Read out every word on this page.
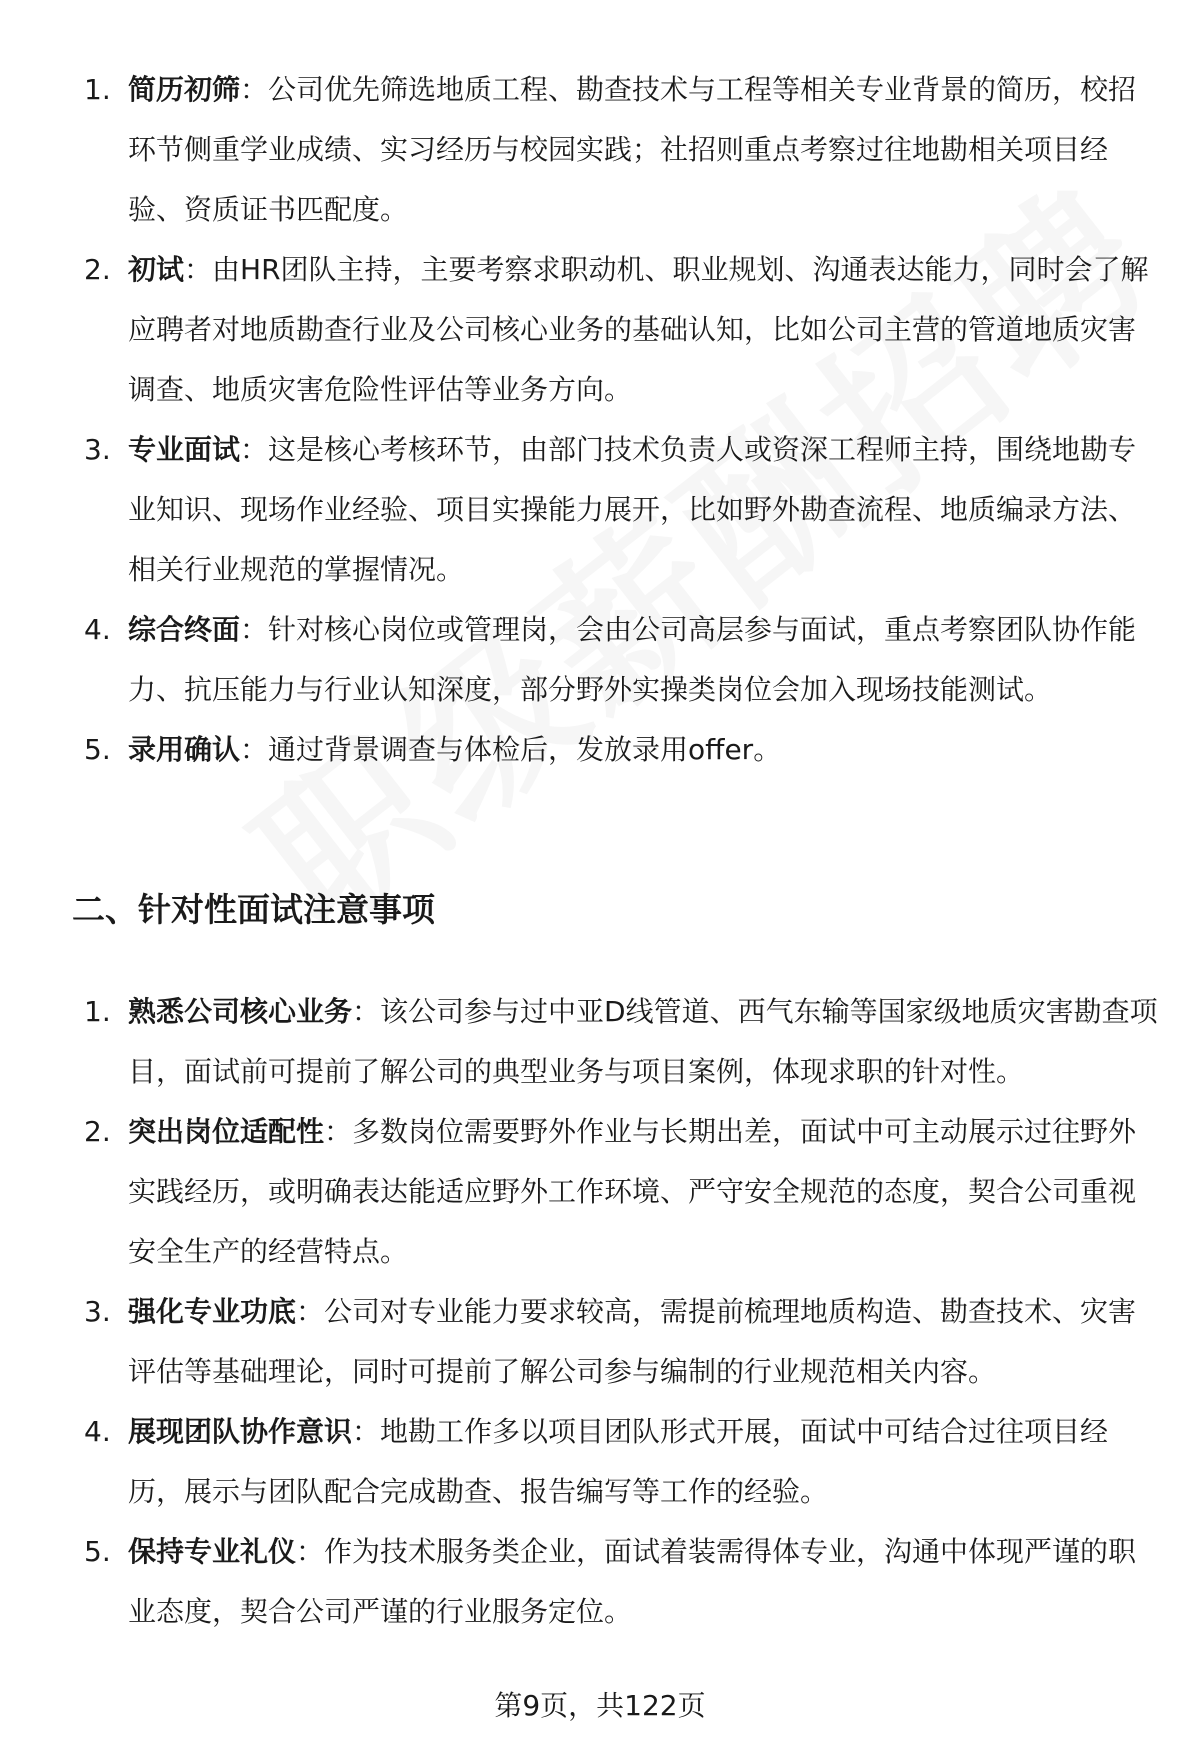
1. 简历初筛：公司优先筛选地质工程、勘查技术与工程等相关专业背景的简历，校招环节侧重学业成绩、实习经历与校园实践；社招则重点考察过往地勘相关项目经验、资质证书匹配度。
2. 初试：由HR团队主持，主要考察求职动机、职业规划、沟通表达能力，同时会了解应聘者对地质勘查行业及公司核心业务的基础认知，比如公司主营的管道地质灾害调查、地质灾害危险性评估等业务方向。
3. 专业面试：这是核心考核环节，由部门技术负责人或资深工程师主持，围绕地勘专业知识、现场作业经验、项目实操能力展开，比如野外勘查流程、地质编录方法、相关行业规范的掌握情况。
4. 综合终面：针对核心岗位或管理岗，会由公司高层参与面试，重点考察团队协作能力、抗压能力与行业认知深度，部分野外实操类岗位会加入现场技能测试。
5. 录用确认：通过背景调查与体检后，发放录用offer。
二、针对性面试注意事项
1. 熟悉公司核心业务：该公司参与过中亚D线管道、西气东输等国家级地质灾害勘查项目，面试前可提前了解公司的典型业务与项目案例，体现求职的针对性。
2. 突出岗位适配性：多数岗位需要野外作业与长期出差，面试中可主动展示过往野外实践经历，或明确表达能适应野外工作环境、严守安全规范的态度，契合公司重视安全生产的经营特点。
3. 强化专业功底：公司对专业能力要求较高，需提前梳理地质构造、勘查技术、灾害评估等基础理论，同时可提前了解公司参与编制的行业规范相关内容。
4. 展现团队协作意识：地勘工作多以项目团队形式开展，面试中可结合过往项目经历，展示与团队配合完成勘查、报告编写等工作的经验。
5. 保持专业礼仪：作为技术服务类企业，面试着装需得体专业，沟通中体现严谨的职业态度，契合公司严谨的行业服务定位。
第9页，共122页
